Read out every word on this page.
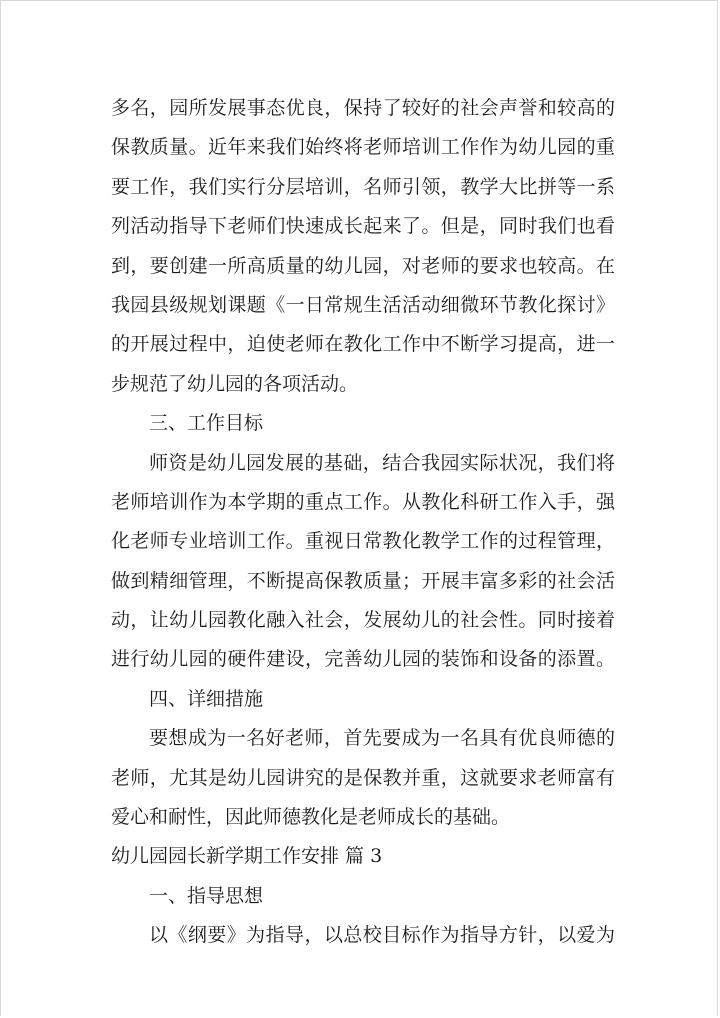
多名，园所发展事态优良，保持了较好的社会声誉和较高的
保教质量。近年来我们始终将老师培训工作作为幼儿园的重
要工作，我们实行分层培训，名师引领，教学大比拼等一系
列活动指导下老师们快速成长起来了。但是，同时我们也看
到，要创建一所高质量的幼儿园，对老师的要求也较高。在
我园县级规划课题《一日常规生活活动细微环节教化探讨》
的开展过程中，迫使老师在教化工作中不断学习提高，进一
步规范了幼儿园的各项活动。
三、工作目标
师资是幼儿园发展的基础，结合我园实际状况，我们将
老师培训作为本学期的重点工作。从教化科研工作入手，强
化老师专业培训工作。重视日常教化教学工作的过程管理，
做到精细管理，不断提高保教质量；开展丰富多彩的社会活
动，让幼儿园教化融入社会，发展幼儿的社会性。同时接着
进行幼儿园的硬件建设，完善幼儿园的装饰和设备的添置。
四、详细措施
要想成为一名好老师，首先要成为一名具有优良师德的
老师，尤其是幼儿园讲究的是保教并重，这就要求老师富有
爱心和耐性，因此师德教化是老师成长的基础。
幼儿园园长新学期工作安排 篇 3
一、指导思想
以《纲要》为指导，以总校目标作为指导方针，以爱为
